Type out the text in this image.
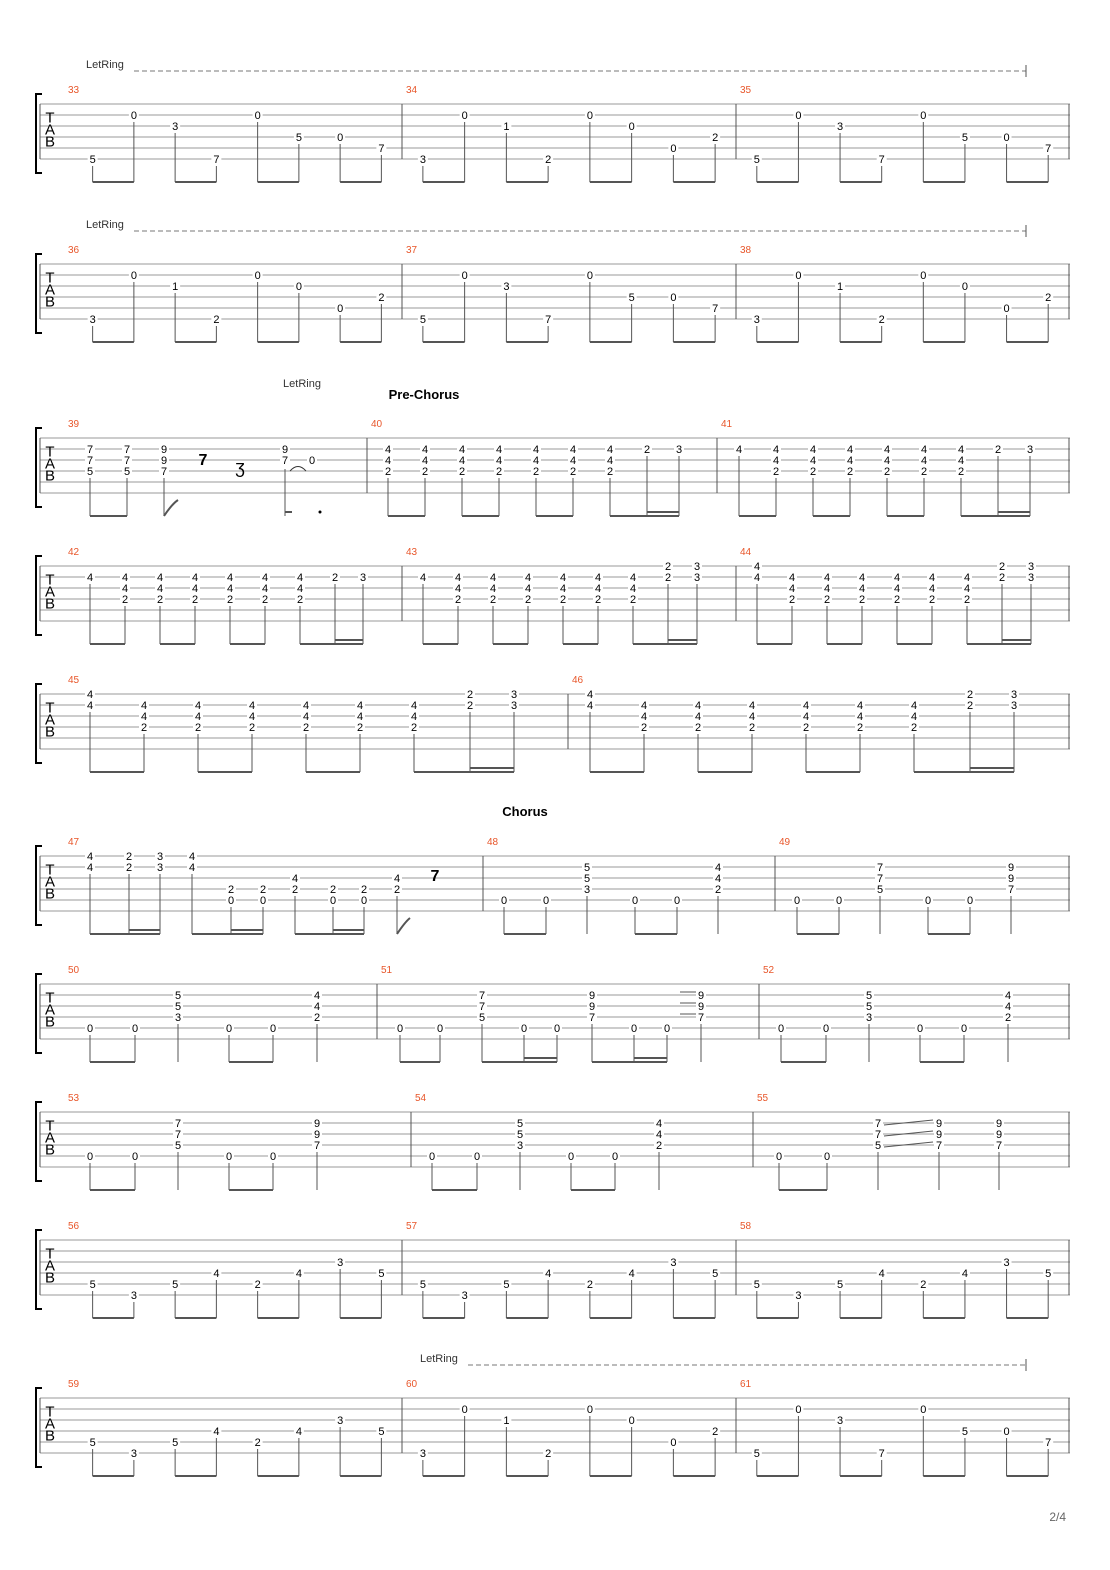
T
A
B
33	34	35
LetRing
5
0
3
7
0
5	0
7
3
0
1
2
0
0
0
2
5
0
3
7
0
5	0
7
T
A
B
36	37	38
LetRing
3
0
1
2
0
0
0
2
5
0
3
7
0
5	0
7
3
0
1
2
0
0
0
2
T
A
B
39	40	41
Pre-Chorus
LetRing
T
A
B
42	43	44
T
A
B
45	46
T
A
B
47	48	49
Chorus
T
A
B
50	51	52
T
A
B
53	54	55
T
A
B
56	57	58
T
A
B
59	60	61
LetRing
7
7
5
7
7
5
9
9
7
7 ʒ
9
7 0
4
4
2
4
4
2
4
4
2
4
4
2
4
4
2
4
4
2
4
4
2
2 3	4	4
4
2
4
4
2
4
4
2
4
4
2
4
4
2
4
4
2
2 3
4	4
4
2
4
4
2
4
4
2
4
4
2
4
4
2
4
4
2
2 3	4	4
4
2
4
4
2
4
4
2
4
4
2
4
4
2
4
4
2
2
2
3
3
4
4	4
4
2
4
4
2
4
4
2
4
4
2
4
4
2
4
4
2
2
2
3
3
4
4	4
4
2
4
4
2
4
4
2
4
4
2
4
4
2
4
4
2
2
2
3
3
4
4	4
4
2
4
4
2
4
4
2
4
4
2
4
4
2
4
4
2
2
2
3
3
4
4
2
2
3
3
4
4
2
0
2
0
4
2	2
0
2
0
4
2
7
0	0
5
5
3
0	0
4
4
2
0	0
7
7
5
0	0
9
9
7
0	0
5
5
3
0	0
4
4
2
0	0
5
5
3
0	0
4
4
2
0	0
7
7
5
0 0
9
9
7
0 0
9
9
7
0	0
7
7
5
0	0
9
9
7
0	0
5
5
3
0	0
4
4
2
0	0
7
7
5
9
9
7
9
9
7
5
3
5
4
2
4
3
5
5
3
5
4
2
4
3
5
5
3
5
4
2
4
3
5
5
3
5
4
2
4
3
5
3
0
1
2
0
0
0
2
5
0
3
7
0
5	0
7
2/4
